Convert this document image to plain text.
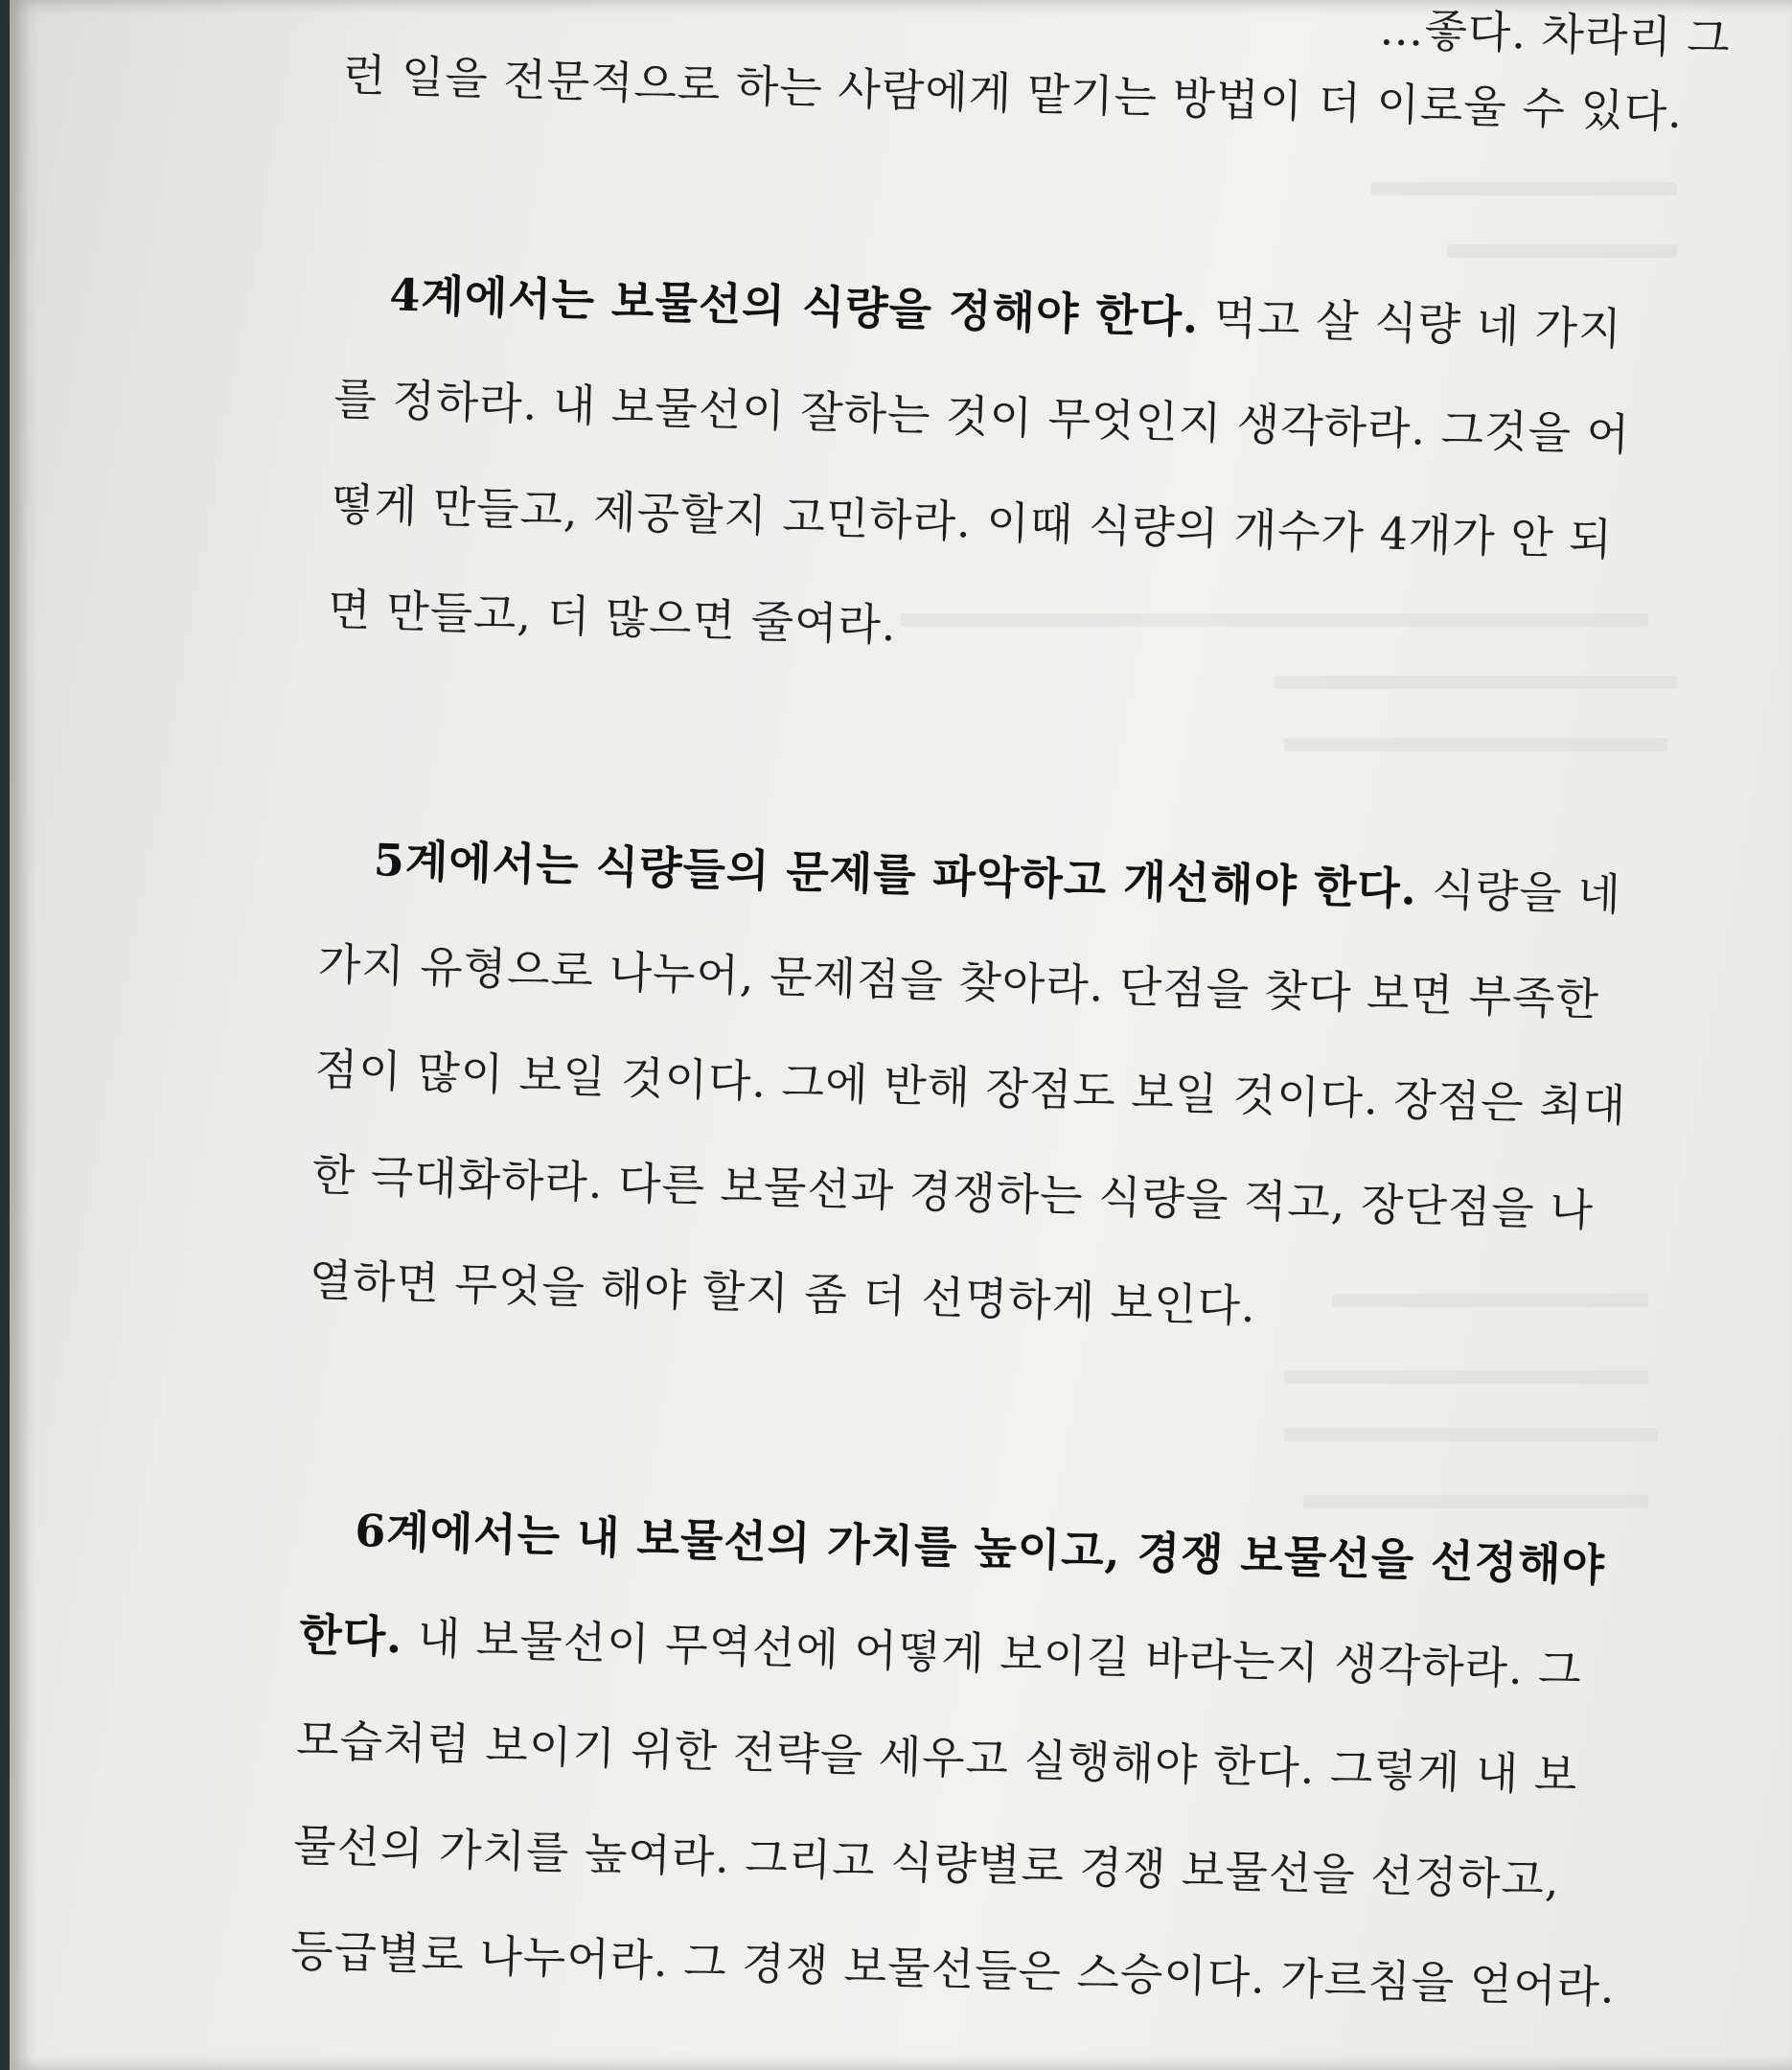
…좋다. 차라리 그
런 일을 전문적으로 하는 사람에게 맡기는 방법이 더 이로울 수 있다.
4계에서는 보물선의 식량을 정해야 한다. 먹고 살 식량 네 가지
를 정하라. 내 보물선이 잘하는 것이 무엇인지 생각하라. 그것을 어
떻게 만들고, 제공할지 고민하라. 이때 식량의 개수가 4개가 안 되
면 만들고, 더 많으면 줄여라.
5계에서는 식량들의 문제를 파악하고 개선해야 한다. 식량을 네
가지 유형으로 나누어, 문제점을 찾아라. 단점을 찾다 보면 부족한
점이 많이 보일 것이다. 그에 반해 장점도 보일 것이다. 장점은 최대
한 극대화하라. 다른 보물선과 경쟁하는 식량을 적고, 장단점을 나
열하면 무엇을 해야 할지 좀 더 선명하게 보인다.
6계에서는 내 보물선의 가치를 높이고, 경쟁 보물선을 선정해야
한다. 내 보물선이 무역선에 어떻게 보이길 바라는지 생각하라. 그
모습처럼 보이기 위한 전략을 세우고 실행해야 한다. 그렇게 내 보
물선의 가치를 높여라. 그리고 식량별로 경쟁 보물선을 선정하고,
등급별로 나누어라. 그 경쟁 보물선들은 스승이다. 가르침을 얻어라.
